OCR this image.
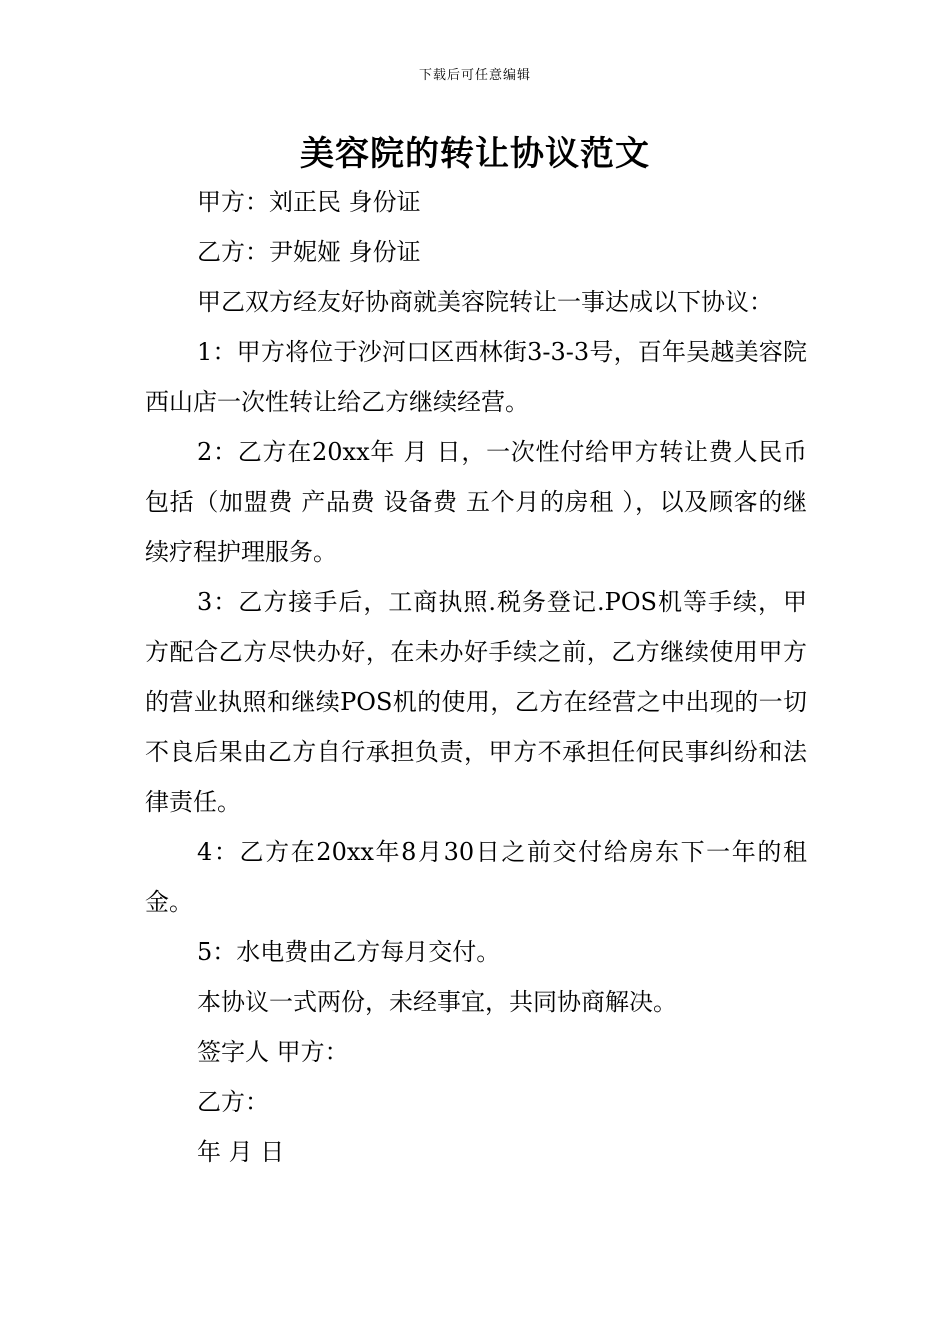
下载后可任意编辑
美容院的转让协议范文

甲方：刘正民 身份证

乙方：尹妮娅 身份证

甲乙双方经友好协商就美容院转让一事达成以下协议：

1：甲方将位于沙河口区西林街3-3-3号，百年吴越美容院西山店一次性转让给乙方继续经营。

2：乙方在20xx年 月 日，一次性付给甲方转让费人民币 包括（加盟费 产品费 设备费 五个月的房租 ），以及顾客的继续疗程护理服务。

3：乙方接手后，工商执照.税务登记.POS机等手续，甲方配合乙方尽快办好，在未办好手续之前，乙方继续使用甲方的营业执照和继续POS机的使用，乙方在经营之中出现的一切不良后果由乙方自行承担负责，甲方不承担任何民事纠纷和法律责任。

4：乙方在20xx年8月30日之前交付给房东下一年的租金。

5：水电费由乙方每月交付。

本协议一式两份，未经事宜，共同协商解决。

签字人 甲方：

乙方：

年 月 日
